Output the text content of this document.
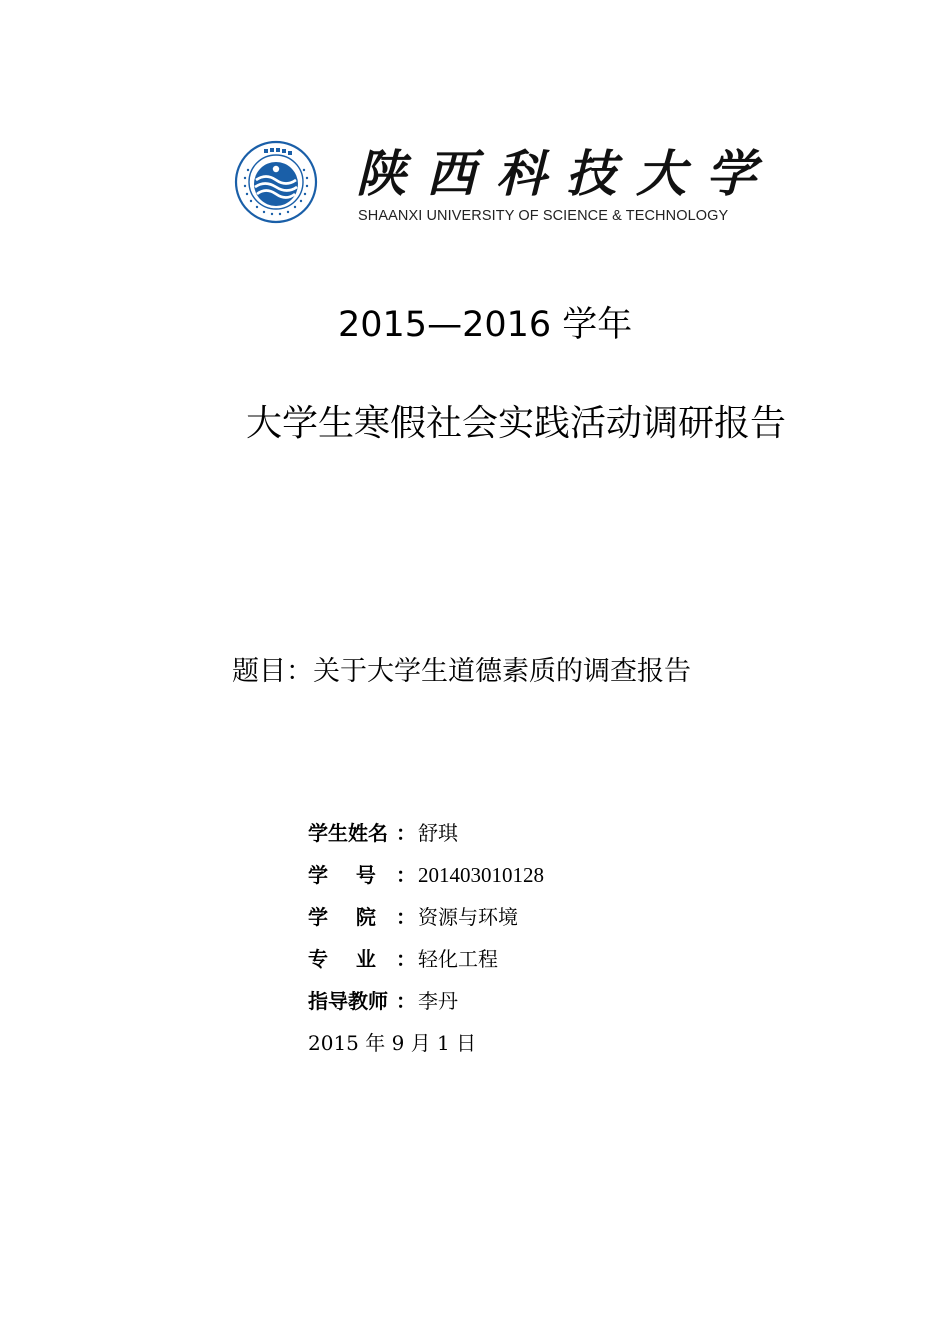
陕西科技大学
SHAANXI UNIVERSITY OF SCIENCE & TECHNOLOGY
2015—2016 学年
大学生寒假社会实践活动调研报告
题目：关于大学生道德素质的调查报告
学生姓名 ： 舒琪
学    号	： 201403010128
学    院	： 资源与环境
专    业	： 轻化工程
指导教师 ： 李丹
2015 年 9 月 1 日
